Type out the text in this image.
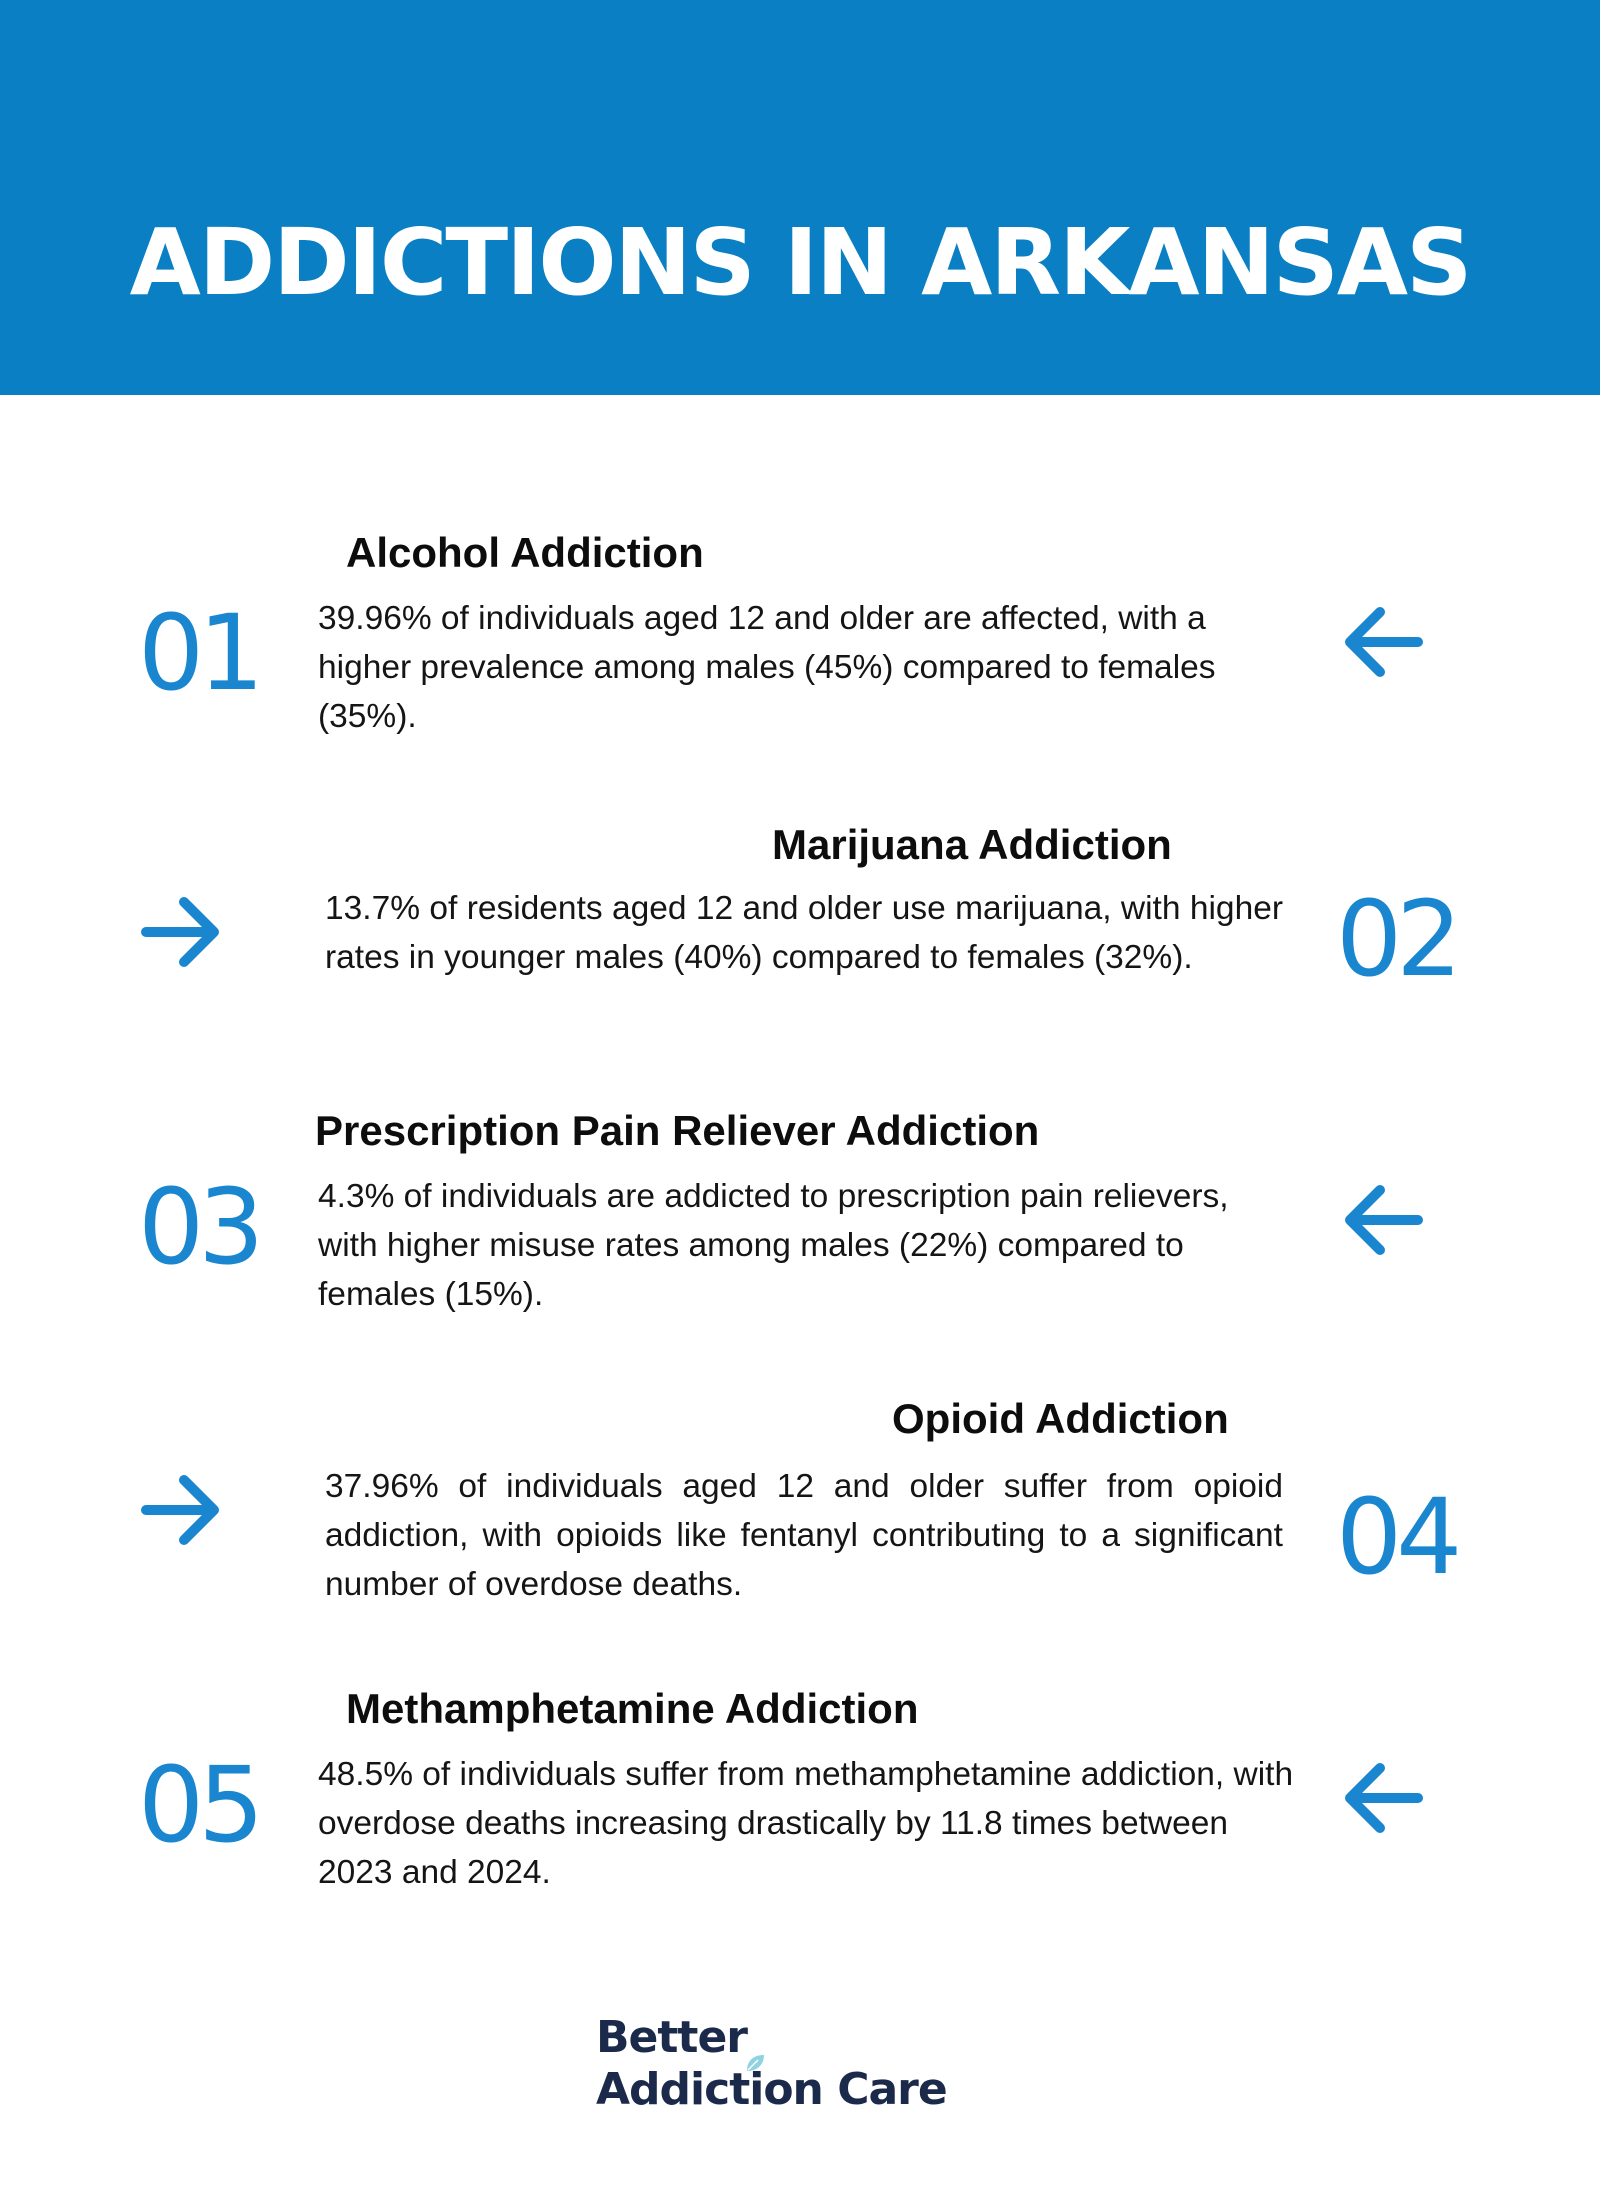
ADDICTIONS IN ARKANSAS
Alcohol Addiction
01 39.96% of individuals aged 12 and older are affected, with a higher prevalence among males (45%) compared to females (35%).

Marijuana Addiction

13.7% of residents aged 12 and older use marijuana, with higher rates in younger males (40%) compared to females (32%).	02
Prescription Pain Reliever Addiction
03 4.3% of individuals are addicted to prescription pain relievers, with higher misuse rates among males (22%) compared to females (15%).

Opioid Addiction

37.96% of individuals aged 12 and older suffer from opioid addiction, with opioids like fentanyl contributing to a significant number of overdose deaths.	04
Methamphetamine Addiction
05 48.5% of individuals suffer from methamphetamine addiction, with overdose deaths increasing drastically by 11.8 times between 2023 and 2024.

Better
Addiction Care
